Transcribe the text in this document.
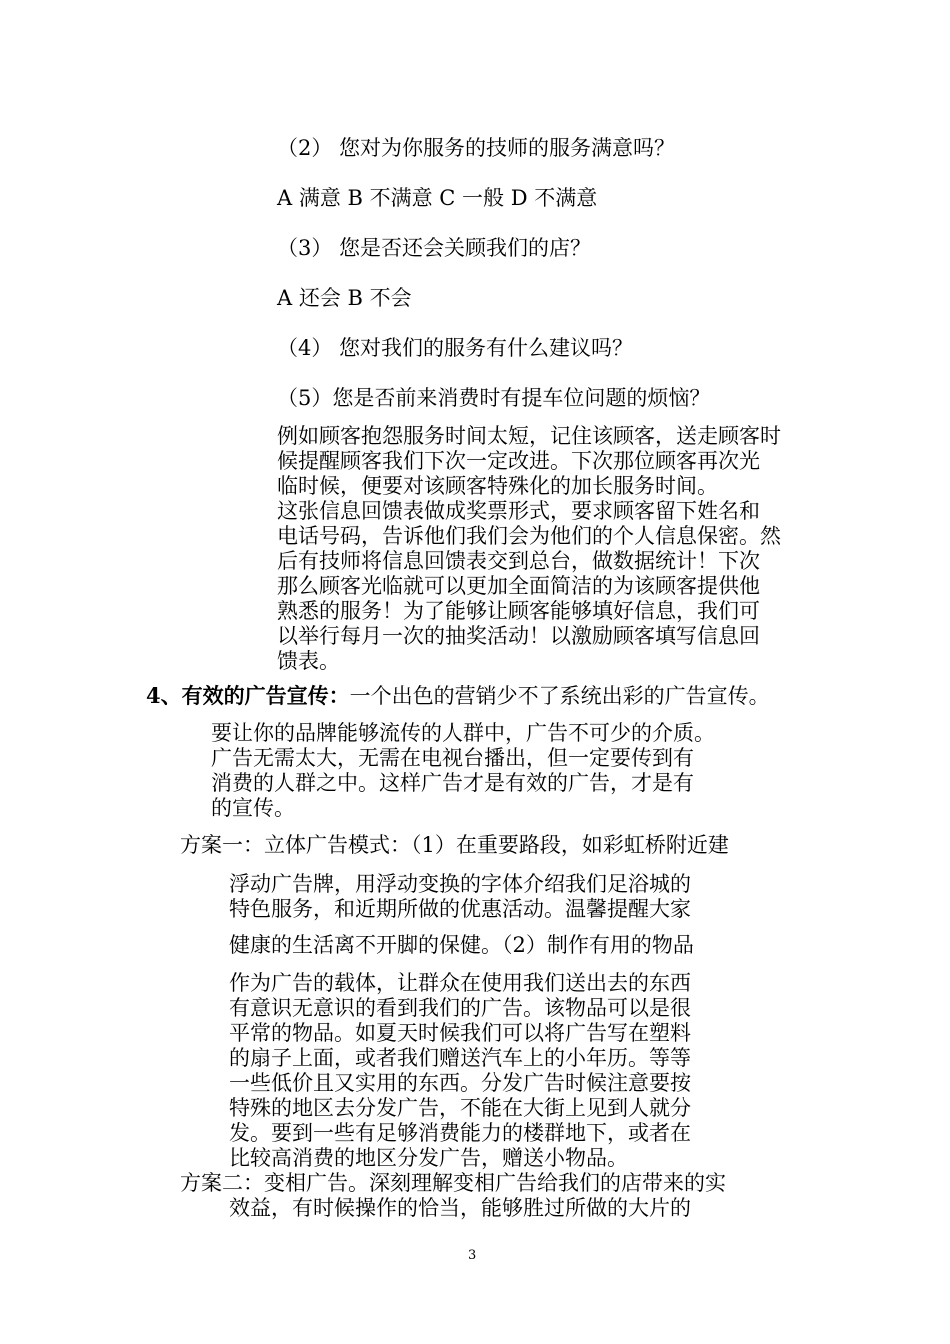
（2） 您对为你服务的技师的服务满意吗？
A 满意 B 不满意 C 一般 D 不满意
（3） 您是否还会关顾我们的店？
A 还会 B 不会
（4） 您对我们的服务有什么建议吗？
（5）您是否前来消费时有提车位问题的烦恼？
例如顾客抱怨服务时间太短，记住该顾客，送走顾客时
候提醒顾客我们下次一定改进。下次那位顾客再次光
临时候，便要对该顾客特殊化的加长服务时间。
这张信息回馈表做成奖票形式，要求顾客留下姓名和
电话号码，告诉他们我们会为他们的个人信息保密。然
后有技师将信息回馈表交到总台，做数据统计！下次
那么顾客光临就可以更加全面简洁的为该顾客提供他
熟悉的服务！为了能够让顾客能够填好信息，我们可
以举行每月一次的抽奖活动！以激励顾客填写信息回
馈表。
4、有效的广告宣传：一个出色的营销少不了系统出彩的广告宣传。
要让你的品牌能够流传的人群中，广告不可少的介质。
广告无需太大，无需在电视台播出，但一定要传到有
消费的人群之中。这样广告才是有效的广告，才是有
的宣传。
方案一：立体广告模式：（1）在重要路段，如彩虹桥附近建
浮动广告牌，用浮动变换的字体介绍我们足浴城的
特色服务，和近期所做的优惠活动。温馨提醒大家
健康的生活离不开脚的保健。（2）制作有用的物品
作为广告的载体，让群众在使用我们送出去的东西
有意识无意识的看到我们的广告。该物品可以是很
平常的物品。如夏天时候我们可以将广告写在塑料
的扇子上面，或者我们赠送汽车上的小年历。等等
一些低价且又实用的东西。分发广告时候注意要按
特殊的地区去分发广告，不能在大街上见到人就分
发。要到一些有足够消费能力的楼群地下，或者在
比较高消费的地区分发广告，赠送小物品。
方案二：变相广告。深刻理解变相广告给我们的店带来的实
效益，有时候操作的恰当，能够胜过所做的大片的
3
